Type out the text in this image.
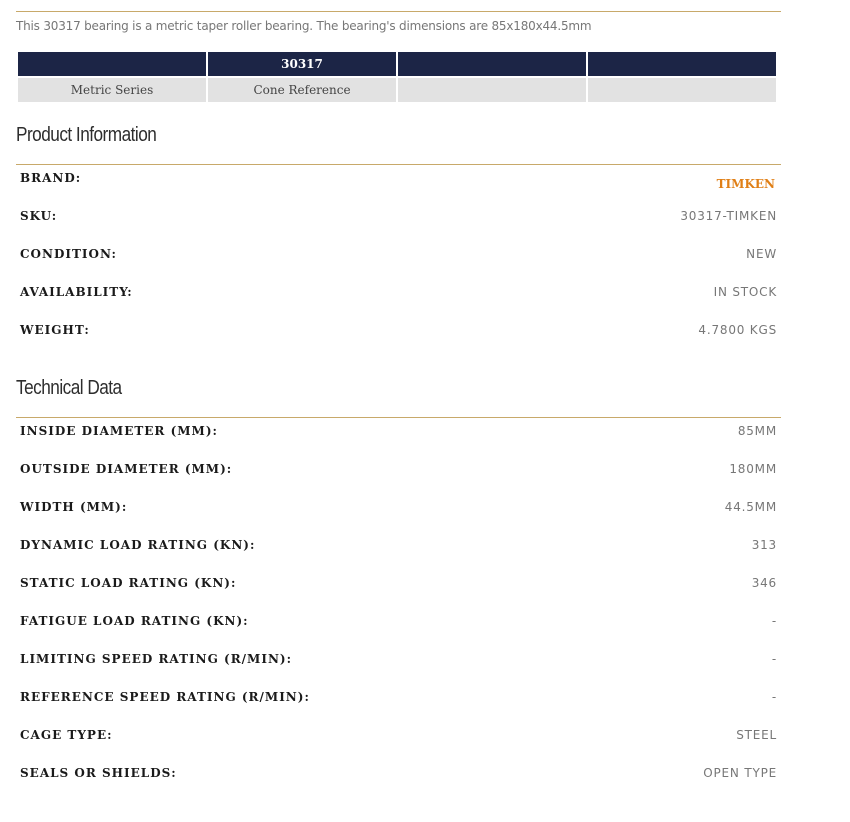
This 30317 bearing is a metric taper roller bearing. The bearing's dimensions are 85x180x44.5mm
	30317		
Metric Series	Cone Reference		
Product Information
BRAND:	TIMKEN
SKU:	30317-TIMKEN
CONDITION:	NEW
AVAILABILITY:	IN STOCK
WEIGHT:	4.7800 KGS
Technical Data
INSIDE DIAMETER (MM):	85MM
OUTSIDE DIAMETER (MM):	180MM
WIDTH (MM):	44.5MM
DYNAMIC LOAD RATING (KN):	313
STATIC LOAD RATING (KN):	346
FATIGUE LOAD RATING (KN):	-
LIMITING SPEED RATING (R/MIN):	-
REFERENCE SPEED RATING (R/MIN):	-
CAGE TYPE:	STEEL
SEALS OR SHIELDS:	OPEN TYPE
